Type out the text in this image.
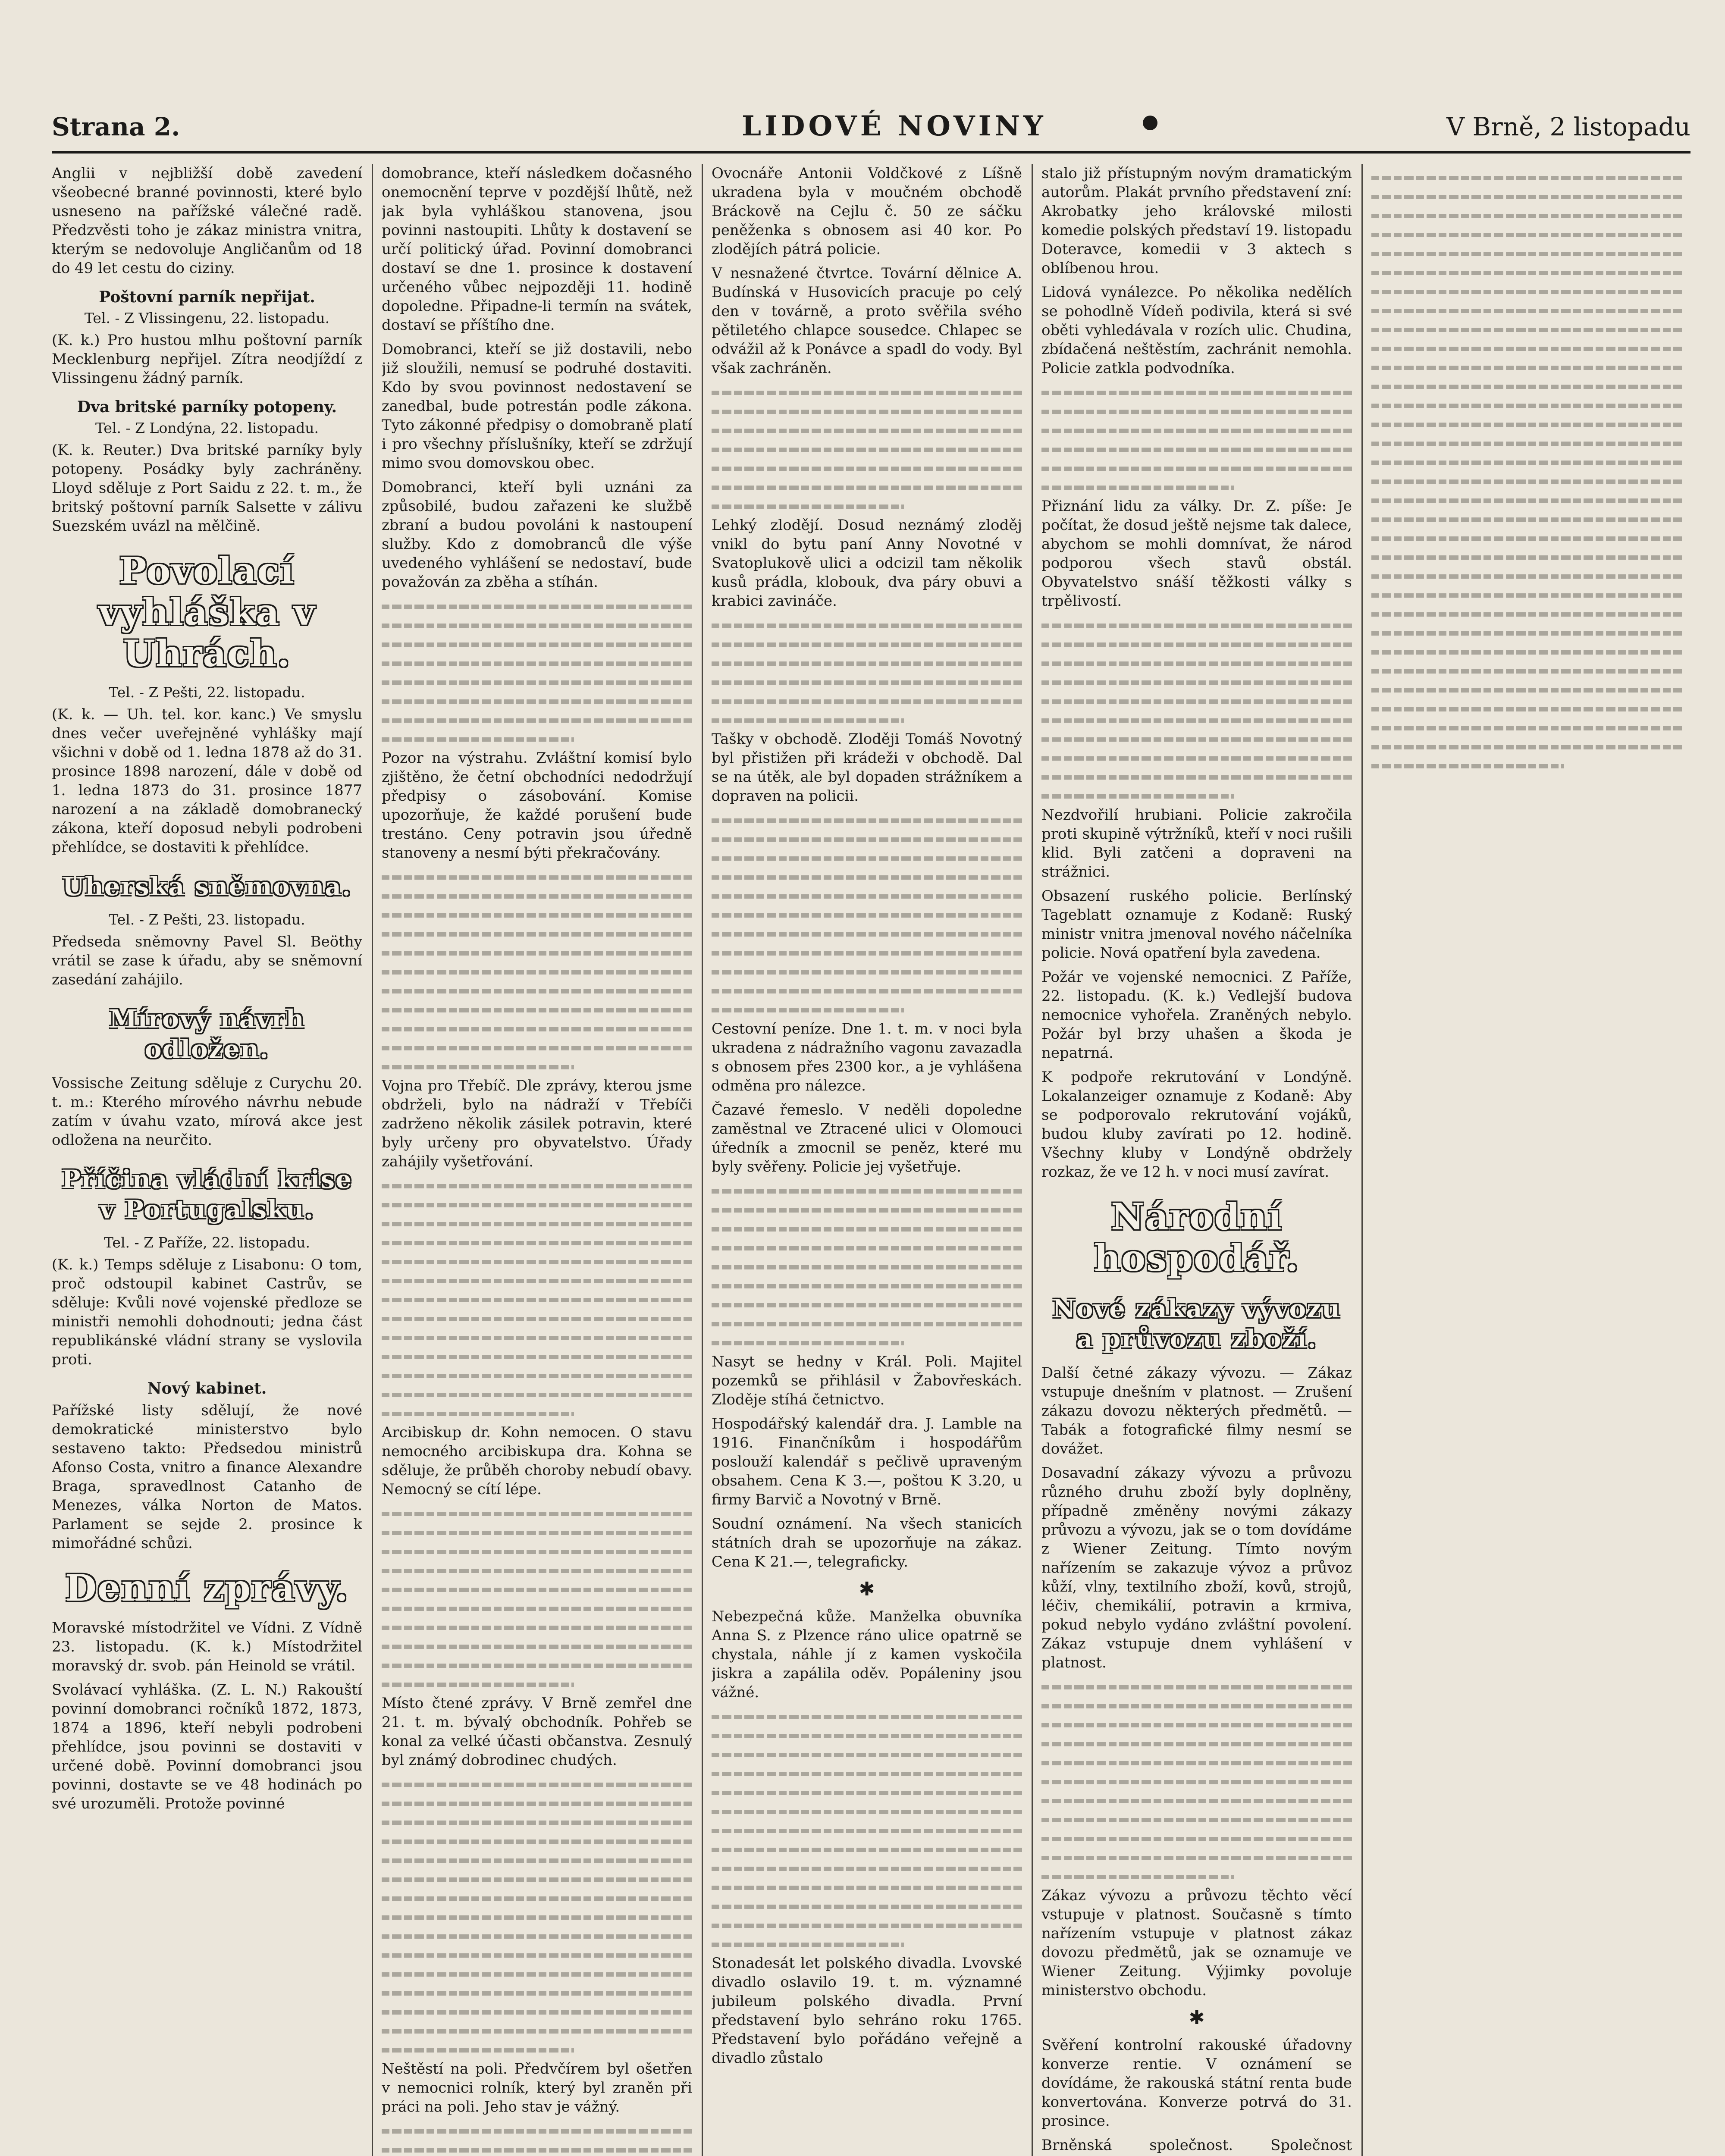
Strana 2.	LIDOVÉ NOVINY	V Brně, 2 listopadu

Anglii v nejbližší době zavedení všeobecné branné povinnosti, které bylo usneseno na pařížské válečné radě. Předzvěsti toho je zákaz ministra vnitra, kterým se nedovoluje Angličanům od 18 do 49 let cestu do ciziny.

Poštovní parník nepřijat.
Tel. - Z Vlissingenu, 22. listopadu.

(K. k.) Pro hustou mlhu poštovní parník Mecklenburg nepřijel. Zítra neodjíždí z Vlissingenu žádný parník.

Dva britské parníky potopeny.
Tel. - Z Londýna, 22. listopadu.

(K. k. Reuter.) Dva britské parníky byly potopeny. Posádky byly zachráněny. Lloyd sděluje z Port Saidu z 22. t. m., že britský poštovní parník Salsette v zálivu Suezském uvázl na mělčině.

Povolací vyhláška v Uhrách.
Tel. - Z Pešti, 22. listopadu.

(K. k. — Uh. tel. kor. kanc.) Ve smyslu dnes večer uveřejněné vyhlášky mají všichni v době od 1. ledna 1878 až do 31. prosince 1898 narození, dále v době od 1. ledna 1873 do 31. prosince 1877 narození a na základě domobranecký zákona, kteří doposud nebyli podrobeni přehlídce, se dostaviti k přehlídce.

Uherská sněmovna.
Tel. - Z Pešti, 23. listopadu.

Předseda sněmovny Pavel Sl. Beöthy vrátil se zase k úřadu, aby se sněmovní zasedání zahájilo.

Mírový návrh odložen.

Vossische Zeitung sděluje z Curychu 20. t. m.: Kterého mírového návrhu nebude zatím v úvahu vzato, mírová akce jest odložena na neurčito.

Příčina vládní krise v Portugalsku.
Tel. - Z Paříže, 22. listopadu.

(K. k.) Temps sděluje z Lisabonu: O tom, proč odstoupil kabinet Castrův, se sděluje: Kvůli nové vojenské předloze se ministři nemohli dohodnouti; jedna část republikánské vládní strany se vyslovila proti.

Nový kabinet.

Pařížské listy sdělují, že nové demokratické ministerstvo bylo sestaveno takto: Předsedou ministrů Afonso Costa, vnitro a finance Alexandre Braga, spravedlnost Catanho de Menezes, válka Norton de Matos. Parlament se sejde 2. prosince k mimořádné schůzi.

Denní zprávy.

Moravské místodržitel ve Vídni. Z Vídně 23. listopadu. (K. k.) Místodržitel moravský dr. svob. pán Heinold se vrátil.

Svolávací vyhláška. (Z. L. N.) Rakouští povinní domobranci ročníků 1872, 1873, 1874 a 1896, kteří nebyli podrobeni přehlídce, jsou povinni se dostaviti v určené době. Povinní domobranci jsou povinni, dostavte se ve 48 hodinách po své urozuměli. Protože povinné

domobrance, kteří následkem dočasného onemocnění teprve v pozdější lhůtě, než jak byla vyhláškou stanovena, jsou povinni nastoupiti. Lhůty k dostavení se určí politický úřad. Povinní domobranci dostaví se dne 1. prosince k dostavení určeného vůbec nejpozději 11. hodině dopoledne. Připadne-li termín na svátek, dostaví se příštího dne.

Domobranci, kteří se již dostavili, nebo již sloužili, nemusí se podruhé dostaviti. Kdo by svou povinnost nedostavení se zanedbal, bude potrestán podle zákona. Tyto zákonné předpisy o domobraně platí i pro všechny příslušníky, kteří se zdržují mimo svou domovskou obec.

Domobranci, kteří byli uznáni za způsobilé, budou zařazeni ke službě zbraní a budou povoláni k nastoupení služby. Kdo z domobranců dle výše uvedeného vyhlášení se nedostaví, bude považován za zběha a stíhán.

Pozor na výstrahu. Zvláštní komisí bylo zjištěno, že četní obchodníci nedodržují předpisy o zásobování. Komise upozorňuje, že každé porušení bude trestáno. Ceny potravin jsou úředně stanoveny a nesmí býti překračovány.

Vojna pro Třebíč. Dle zprávy, kterou jsme obdrželi, bylo na nádraží v Třebíči zadrženo několik zásilek potravin, které byly určeny pro obyvatelstvo. Úřady zahájily vyšetřování.

Arcibiskup dr. Kohn nemocen. O stavu nemocného arcibiskupa dra. Kohna se sděluje, že průběh choroby nebudí obavy. Nemocný se cítí lépe.

Místo čtené zprávy. V Brně zemřel dne 21. t. m. bývalý obchodník. Pohřeb se konal za velké účasti občanstva. Zesnulý byl známý dobrodinec chudých.

Neštěstí na poli. Předvčírem byl ošetřen v nemocnici rolník, který byl zraněn při práci na poli. Jeho stav je vážný.

Ovocnáře Antonii Voldčkové z Líšně ukradena byla v moučném obchodě Bráckově na Cejlu č. 50 ze sáčku peněženka s obnosem asi 40 kor. Po zlodějích pátrá policie.

V nesnažené čtvrtce. Tovární dělnice A. Budínská v Husovicích pracuje po celý den v továrně, a proto svěřila svého pětiletého chlapce sousedce. Chlapec se odvážil až k Ponávce a spadl do vody. Byl však zachráněn.

Lehký zlodějí. Dosud neznámý zloděj vnikl do bytu paní Anny Novotné v Svatoplukově ulici a odcizil tam několik kusů prádla, klobouk, dva páry obuvi a krabici zavináče.

Tašky v obchodě. Zloději Tomáš Novotný byl přistižen při krádeži v obchodě. Dal se na útěk, ale byl dopaden strážníkem a dopraven na policii.

Cestovní peníze. Dne 1. t. m. v noci byla ukradena z nádražního vagonu zavazadla s obnosem přes 2300 kor., a je vyhlášena odměna pro nálezce.

Čazavé řemeslo. V neděli dopoledne zaměstnal ve Ztracené ulici v Olomouci úředník a zmocnil se peněz, které mu byly svěřeny. Policie jej vyšetřuje.

Nasyt se hedny v Král. Poli. Majitel pozemků se přihlásil v Žabovřeskách. Zloděje stíhá četnictvo.

Hospodářský kalendář dra. J. Lamble na 1916. Finančníkům i hospodářům poslouží kalendář s pečlivě upraveným obsahem. Cena K 3.—, poštou K 3.20, u firmy Barvič a Novotný v Brně.

Soudní oznámení. Na všech stanicích státních drah se upozorňuje na zákaz. Cena K 21.—, telegraficky.

✱

Nebezpečná kůže. Manželka obuvníka Anna S. z Plzence ráno ulice opatrně se chystala, náhle jí z kamen vyskočila jiskra a zapálila oděv. Popáleniny jsou vážné.

Stonadesát let polského divadla. Lvovské divadlo oslavilo 19. t. m. významné jubileum polského divadla. První představení bylo sehráno roku 1765. Představení bylo pořádáno veřejně a divadlo zůstalo

stalo již přístupným novým dramatickým autorům. Plakát prvního představení zní: Akrobatky jeho královské milosti komedie polských představí 19. listopadu Doteravce, komedii v 3 aktech s oblíbenou hrou.

Lidová vynálezce. Po několika nedělích se pohodlně Vídeň podivila, která si své oběti vyhledávala v rozích ulic. Chudina, zbídačená neštěstím, zachránit nemohla. Policie zatkla podvodníka.

Přiznání lidu za války. Dr. Z. píše: Je počítat, že dosud ještě nejsme tak dalece, abychom se mohli domnívat, že národ podporou všech stavů obstál. Obyvatelstvo snáší těžkosti války s trpělivostí.

Nezdvořilí hrubiani. Policie zakročila proti skupině výtržníků, kteří v noci rušili klid. Byli zatčeni a dopraveni na strážnici.

Obsazení ruského policie. Berlínský Tageblatt oznamuje z Kodaně: Ruský ministr vnitra jmenoval nového náčelníka policie. Nová opatření byla zavedena.

Požár ve vojenské nemocnici. Z Paříže, 22. listopadu. (K. k.) Vedlejší budova nemocnice vyhořela. Zraněných nebylo. Požár byl brzy uhašen a škoda je nepatrná.

K podpoře rekrutování v Londýně. Lokalanzeiger oznamuje z Kodaně: Aby se podporovalo rekrutování vojáků, budou kluby zavírati po 12. hodině. Všechny kluby v Londýně obdržely rozkaz, že ve 12 h. v noci musí zavírat.

Národní hospodář.
Nové zákazy vývozu a průvozu zboží.

Další četné zákazy vývozu. — Zákaz vstupuje dnešním v platnost. — Zrušení zákazu dovozu některých předmětů. — Tabák a fotografické filmy nesmí se dovážet.

Dosavadní zákazy vývozu a průvozu různého druhu zboží byly doplněny, případně změněny novými zákazy průvozu a vývozu, jak se o tom dovídáme z Wiener Zeitung. Tímto novým nařízením se zakazuje vývoz a průvoz kůží, vlny, textilního zboží, kovů, strojů, léčiv, chemikálií, potravin a krmiva, pokud nebylo vydáno zvláštní povolení. Zákaz vstupuje dnem vyhlášení v platnost.

Zákaz vývozu a průvozu těchto věcí vstupuje v platnost. Současně s tímto nařízením vstupuje v platnost zákaz dovozu předmětů, jak se oznamuje ve Wiener Zeitung. Výjimky povoluje ministerstvo obchodu.

✱

Svěření kontrolní rakouské úřadovny konverze rentie. V oznámení se dovídáme, že rakouská státní renta bude konvertována. Konverze potrvá do 31. prosince.

Brněnská společnost. Společnost
